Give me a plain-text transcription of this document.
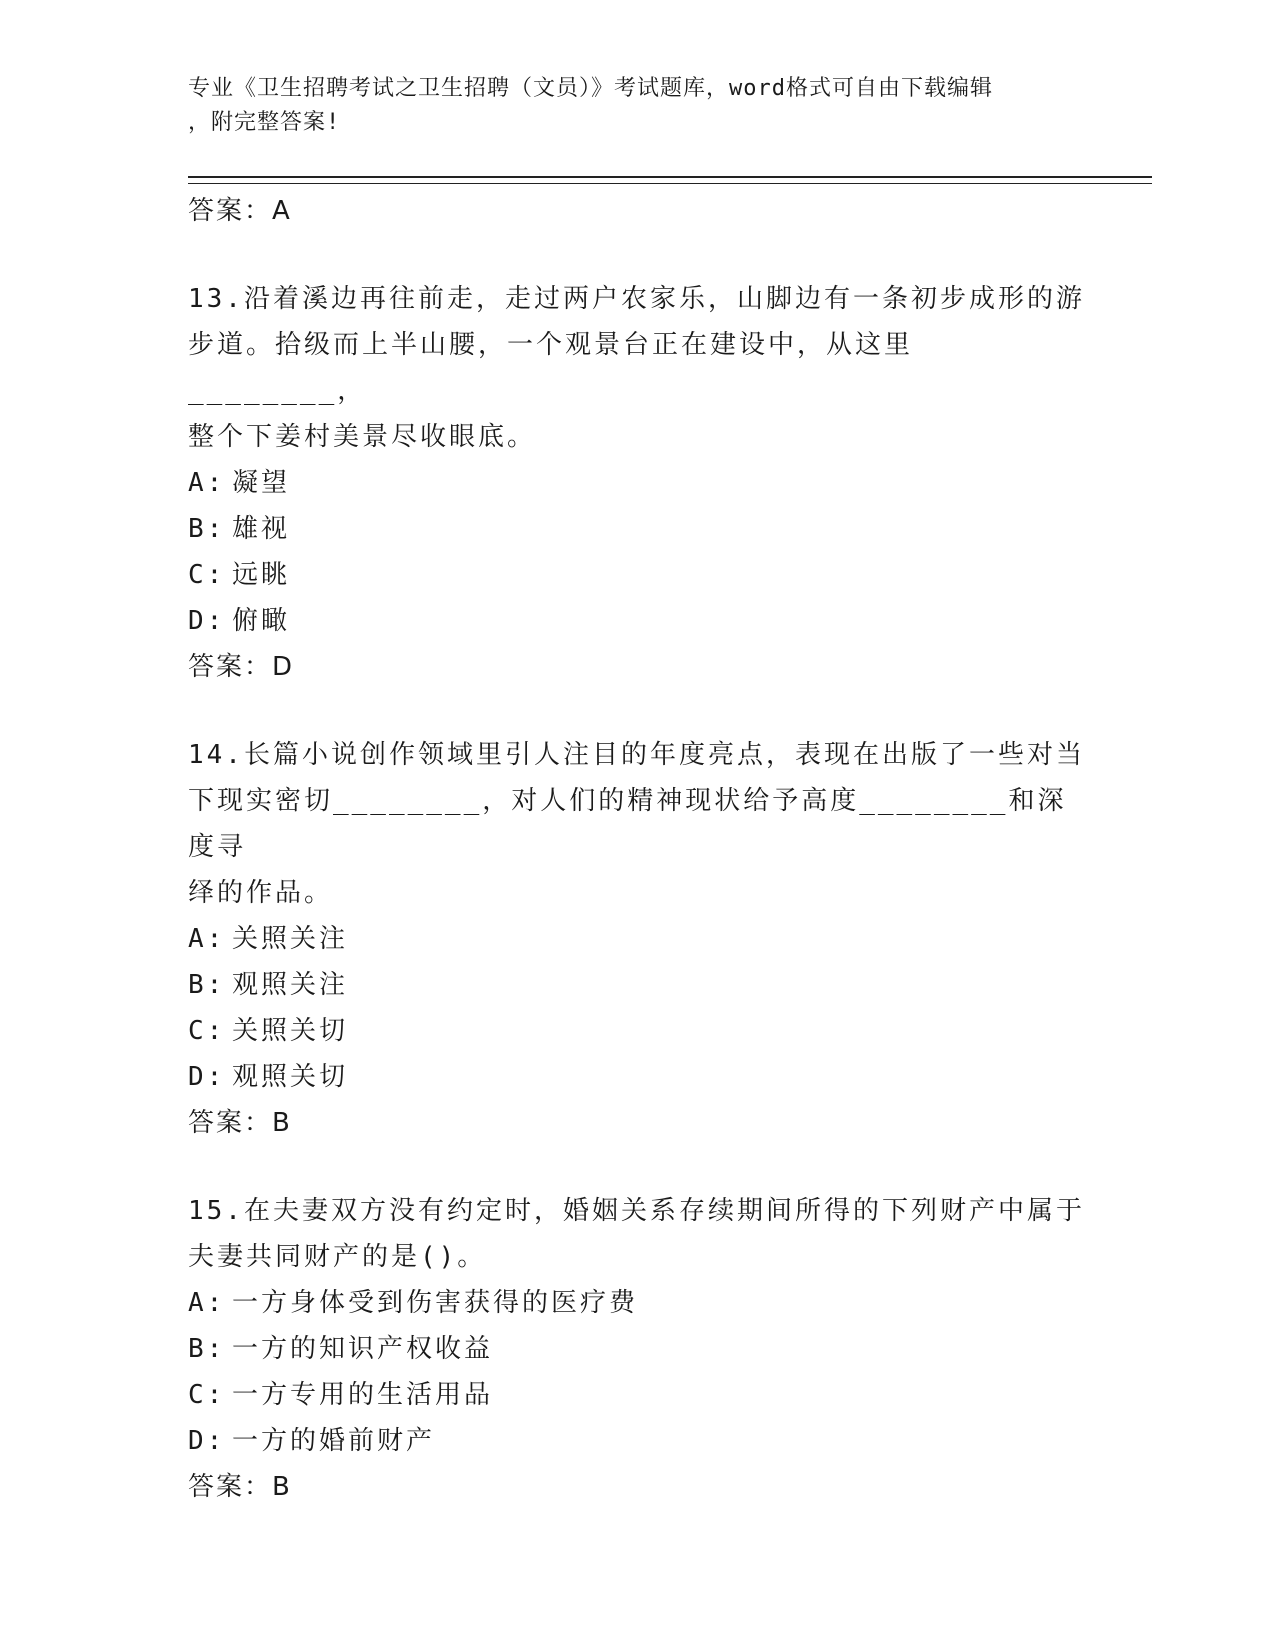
专业《卫生招聘考试之卫生招聘（文员）》考试题库，word格式可自由下载编辑
，附完整答案!
答案：A
13.沿着溪边再往前走，走过两户农家乐，山脚边有一条初步成形的游
步道。拾级而上半山腰，一个观景台正在建设中，从这里________，
整个下姜村美景尽收眼底。
A: 凝望
B: 雄视
C: 远眺
D: 俯瞰
答案：D
14.长篇小说创作领域里引人注目的年度亮点，表现在出版了一些对当
下现实密切________，对人们的精神现状给予高度________和深度寻
绎的作品。
A: 关照关注
B: 观照关注
C: 关照关切
D: 观照关切
答案：B
15.在夫妻双方没有约定时，婚姻关系存续期间所得的下列财产中属于
夫妻共同财产的是()。
A: 一方身体受到伤害获得的医疗费
B: 一方的知识产权收益
C: 一方专用的生活用品
D: 一方的婚前财产
答案：B
